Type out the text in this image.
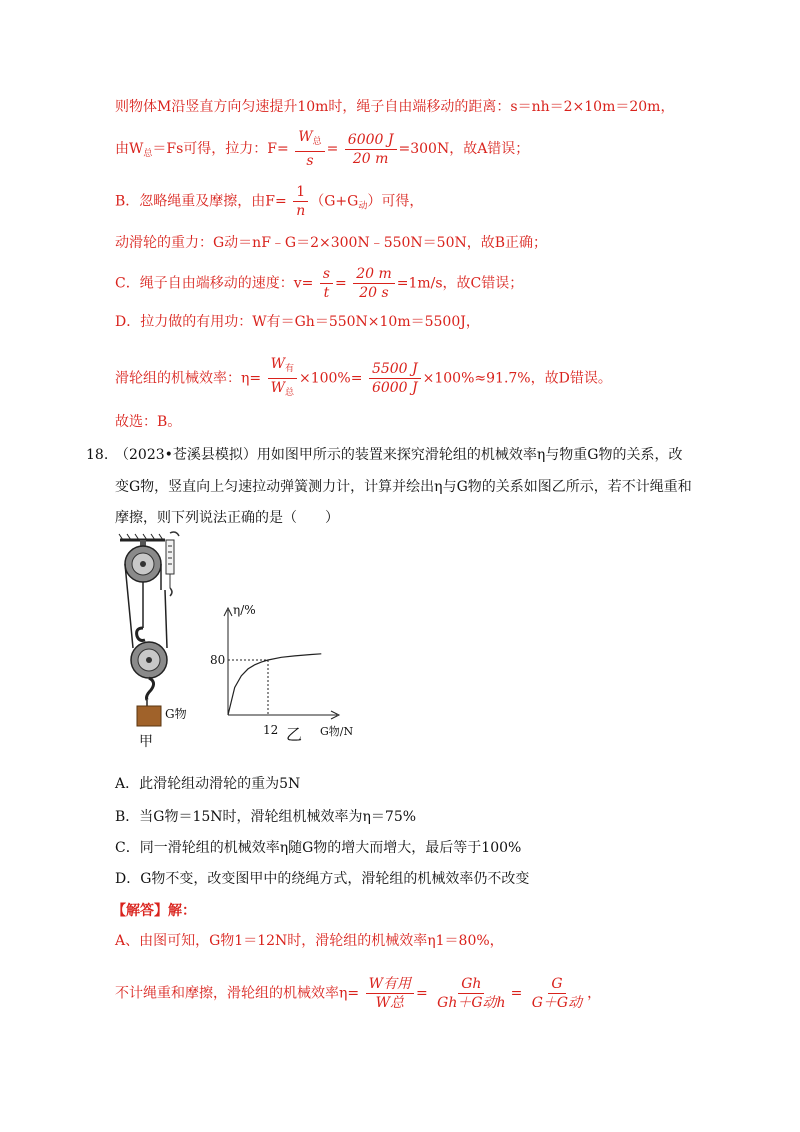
则物体M沿竖直方向匀速提升10m时，绳子自由端移动的距离：s＝nh＝2×10m＝20m，
由$W_总=Fs$可得，拉力：$F= \frac{W_总}{s} = \frac{6000 J}{20 m} =300N$，故A错误；
B．忽略绳重及摩擦，由$F= \frac{1}{n} (G+G_动)$可得，
动滑轮的重力：G动＝nF﹣G＝2×300N﹣550N＝50N，故B正确；
C．绳子自由端移动的速度：$v= \frac{s}{t} = \frac{20 m}{20 s} =1m/s$，故C错误；
D．拉力做的有用功：W有＝Gh＝550N×10m＝5500J，
滑轮组的机械效率：$\eta= \frac{W_有}{W_总} \times 100\%= \frac{5500 J}{6000 J} \times 100\%\approx 91.7\%$，故D错误。
故选：B。
18. （2023•苍溪县模拟）用如图甲所示的装置来探究滑轮组的机械效率η与物重G物的关系，改
变G物，竖直向上匀速拉动弹簧测力计，计算并绘出η与G物的关系如图乙所示，若不计绳重和
摩擦，则下列说法正确的是（　　）
G物
甲
η/%
G物/N
80
12 乙
A．此滑轮组动滑轮的重为5N
B．当G物＝15N时，滑轮组机械效率为η＝75%
C．同一滑轮组的机械效率η随G物的增大而增大，最后等于100%
D．G物不变，改变图甲中的绕绳方式，滑轮组的机械效率仍不改变
【解答】解：
A、由图可知，G物1＝12N时，滑轮组的机械效率η1＝80%，
不计绳重和摩擦，滑轮组的机械效率$\eta= \frac{\text{W有用}}{\text{W总}} = \frac{Gh}{\text{Gh＋G动h}} = \frac{G}{\text{G＋G动}}$ ，
